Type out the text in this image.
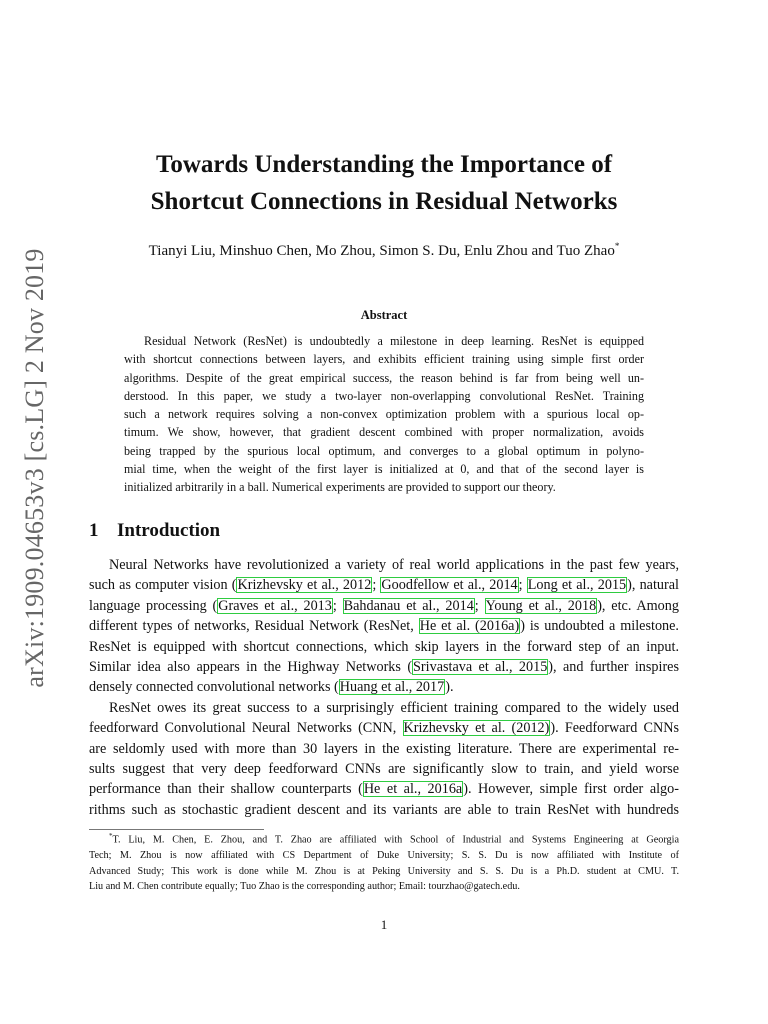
arXiv:1909.04653v3 [cs.LG] 2 Nov 2019
Towards Understanding the Importance of
Shortcut Connections in Residual Networks
Tianyi Liu, Minshuo Chen, Mo Zhou, Simon S. Du, Enlu Zhou and Tuo Zhao*
Abstract
Residual Network (ResNet) is undoubtedly a milestone in deep learning. ResNet is equipped
with shortcut connections between layers, and exhibits efficient training using simple first order
algorithms. Despite of the great empirical success, the reason behind is far from being well un-
derstood. In this paper, we study a two-layer non-overlapping convolutional ResNet. Training
such a network requires solving a non-convex optimization problem with a spurious local op-
timum. We show, however, that gradient descent combined with proper normalization, avoids
being trapped by the spurious local optimum, and converges to a global optimum in polyno-
mial time, when the weight of the first layer is initialized at 0, and that of the second layer is
initialized arbitrarily in a ball. Numerical experiments are provided to support our theory.
1 Introduction
Neural Networks have revolutionized a variety of real world applications in the past few years,
such as computer vision (Krizhevsky et al., 2012; Goodfellow et al., 2014; Long et al., 2015), natural
language processing (Graves et al., 2013; Bahdanau et al., 2014; Young et al., 2018), etc. Among
different types of networks, Residual Network (ResNet, He et al. (2016a)) is undoubted a milestone.
ResNet is equipped with shortcut connections, which skip layers in the forward step of an input.
Similar idea also appears in the Highway Networks (Srivastava et al., 2015), and further inspires
densely connected convolutional networks (Huang et al., 2017).
ResNet owes its great success to a surprisingly efficient training compared to the widely used
feedforward Convolutional Neural Networks (CNN, Krizhevsky et al. (2012)). Feedforward CNNs
are seldomly used with more than 30 layers in the existing literature. There are experimental re-
sults suggest that very deep feedforward CNNs are significantly slow to train, and yield worse
performance than their shallow counterparts (He et al., 2016a). However, simple first order algo-
rithms such as stochastic gradient descent and its variants are able to train ResNet with hundreds
*T. Liu, M. Chen, E. Zhou, and T. Zhao are affiliated with School of Industrial and Systems Engineering at Georgia
Tech; M. Zhou is now affiliated with CS Department of Duke University; S. S. Du is now affiliated with Institute of
Advanced Study; This work is done while M. Zhou is at Peking University and S. S. Du is a Ph.D. student at CMU. T.
Liu and M. Chen contribute equally; Tuo Zhao is the corresponding author; Email: tourzhao@gatech.edu.
1
